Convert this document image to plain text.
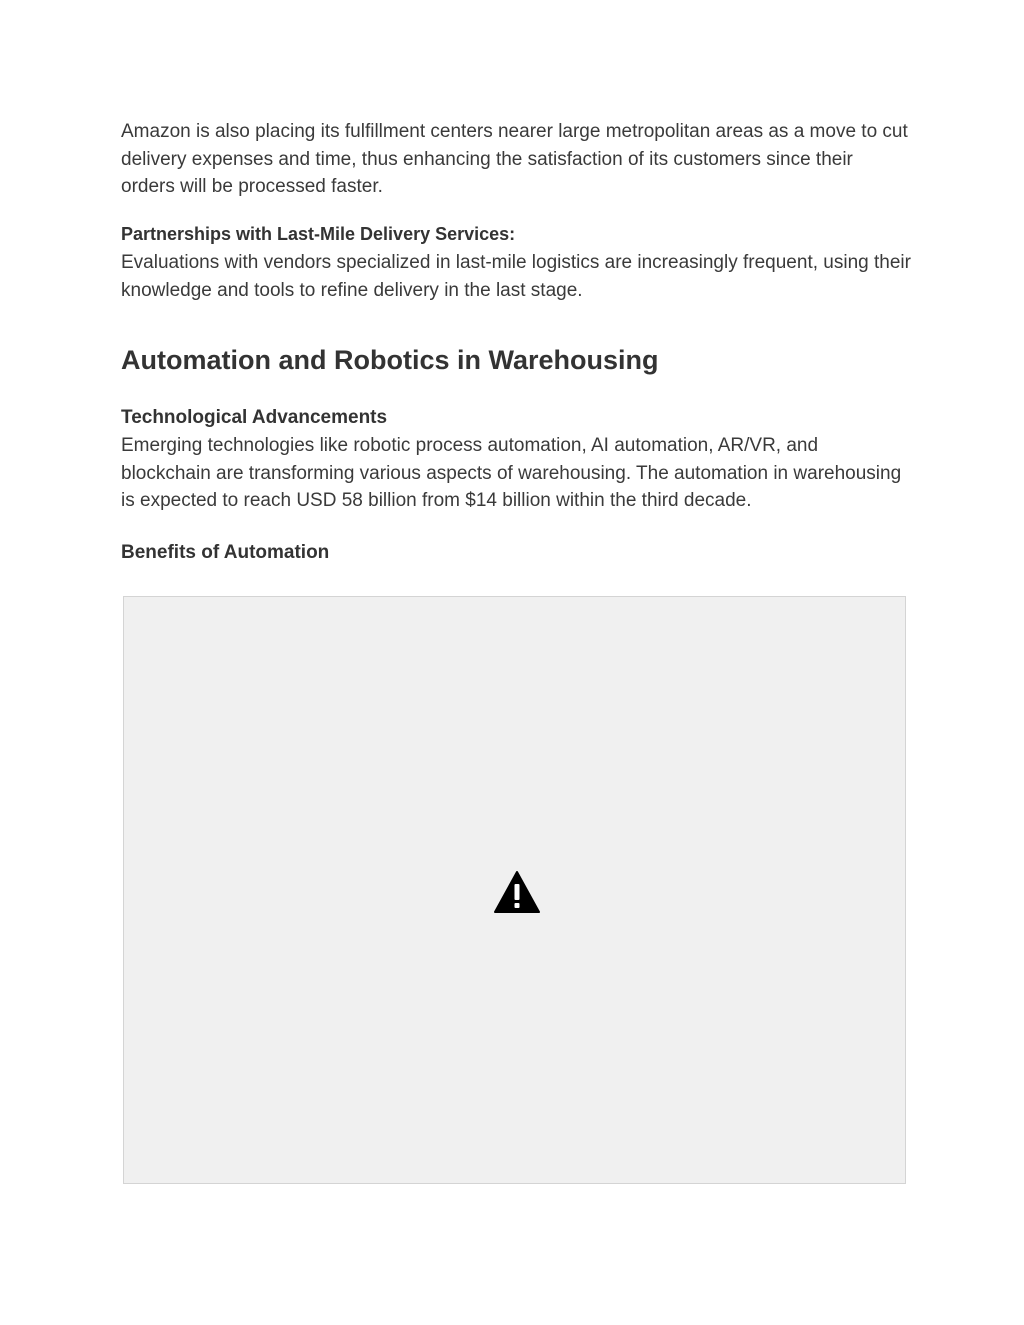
Amazon is also placing its fulfillment centers nearer large metropolitan areas as a move to cut delivery expenses and time, thus enhancing the satisfaction of its customers since their orders will be processed faster.

Partnerships with Last-Mile Delivery Services:

Evaluations with vendors specialized in last-mile logistics are increasingly frequent, using their knowledge and tools to refine delivery in the last stage.

Automation and Robotics in Warehousing
Technological Advancements

Emerging technologies like robotic process automation, AI automation, AR/VR, and blockchain are transforming various aspects of warehousing. The automation in warehousing is expected to reach USD 58 billion from $14 billion within the third decade.

Benefits of Automation
